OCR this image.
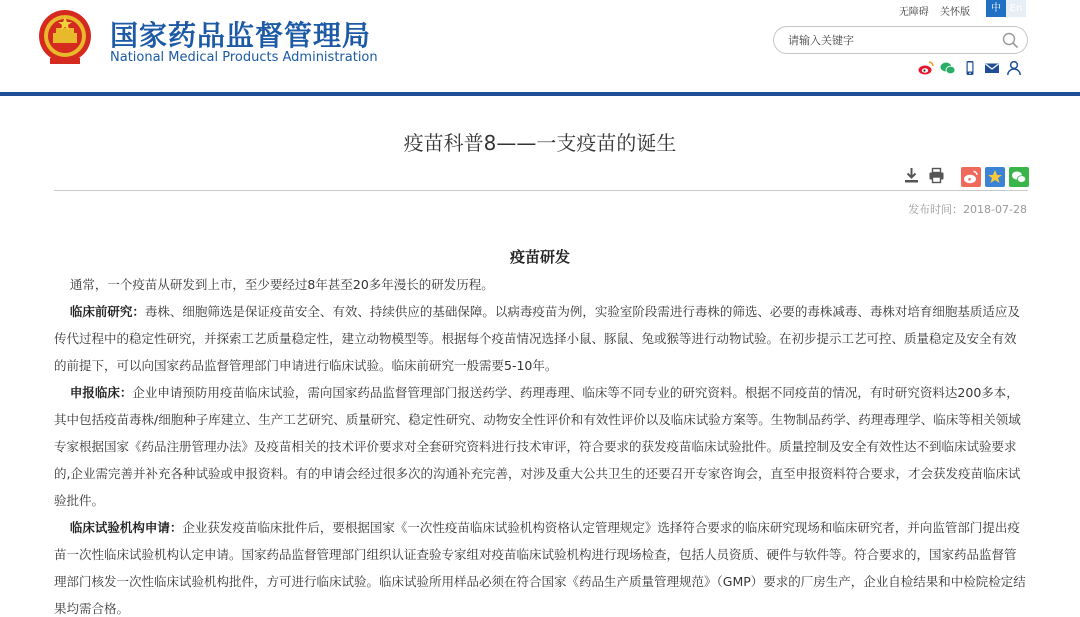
国家药品监督管理局
National Medical Products Administration
无障碍 关怀版	中 En
请输入关键字
疫苗科普8——一支疫苗的诞生
发布时间：2018-07-28
疫苗研发

通常，一个疫苗从研发到上市，至少要经过8年甚至20多年漫长的研发历程。

临床前研究：毒株、细胞筛选是保证疫苗安全、有效、持续供应的基础保障。以病毒疫苗为例，实验室阶段需进行毒株的筛选、必要的毒株减毒、毒株对培育细胞基质适应及传代过程中的稳定性研究，并探索工艺质量稳定性，建立动物模型等。根据每个疫苗情况选择小鼠、豚鼠、兔或猴等进行动物试验。在初步提示工艺可控、质量稳定及安全有效的前提下，可以向国家药品监督管理部门申请进行临床试验。临床前研究一般需要5-10年。

申报临床：企业申请预防用疫苗临床试验，需向国家药品监督管理部门报送药学、药理毒理、临床等不同专业的研究资料。根据不同疫苗的情况，有时研究资料达200多本，其中包括疫苗毒株/细胞种子库建立、生产工艺研究、质量研究、稳定性研究、动物安全性评价和有效性评价以及临床试验方案等。生物制品药学、药理毒理学、临床等相关领域专家根据国家《药品注册管理办法》及疫苗相关的技术评价要求对全套研究资料进行技术审评，符合要求的获发疫苗临床试验批件。质量控制及安全有效性达不到临床试验要求的,企业需完善并补充各种试验或申报资料。有的申请会经过很多次的沟通补充完善，对涉及重大公共卫生的还要召开专家咨询会，直至申报资料符合要求，才会获发疫苗临床试验批件。

临床试验机构申请：企业获发疫苗临床批件后，要根据国家《一次性疫苗临床试验机构资格认定管理规定》选择符合要求的临床研究现场和临床研究者，并向监管部门提出疫苗一次性临床试验机构认定申请。国家药品监督管理部门组织认证查验专家组对疫苗临床试验机构进行现场检查，包括人员资质、硬件与软件等。符合要求的，国家药品监督管理部门核发一次性临床试验机构批件，方可进行临床试验。临床试验所用样品必须在符合国家《药品生产质量管理规范》（GMP）要求的厂房生产，企业自检结果和中检院检定结果均需合格。
